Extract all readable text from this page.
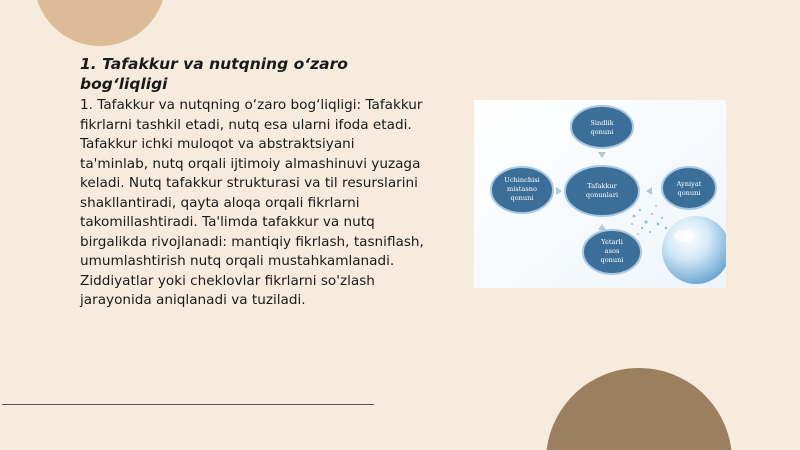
1. Tafakkur va nutqning o‘zaro bog‘liqligi

1. Tafakkur va nutqning o‘zaro bog‘liqligi: Tafakkur fikrlarni tashkil etadi, nutq esa ularni ifoda etadi. Tafakkur ichki muloqot va abstraktsiyani ta'minlab, nutq orqali ijtimoiy almashinuvi yuzaga keladi. Nutq tafakkur strukturasi va til resurslarini shakllantiradi, qayta aloqa orqali fikrlarni takomillashtiradi. Ta'limda tafakkur va nutq birgalikda rivojlanadi: mantiqiy fikrlash, tasniflash, umumlashtirish nutq orqali mustahkamlanadi. Ziddiyatlar yoki cheklovlar fikrlarni so'zlash jarayonida aniqlanadi va tuziladi.

Sindlik
qonuni
Uchinchisi
mistasno
qonuni
Tafakkur
qonunlari
Ayniyat
qonuni
Yetarli
asos
qonuni
